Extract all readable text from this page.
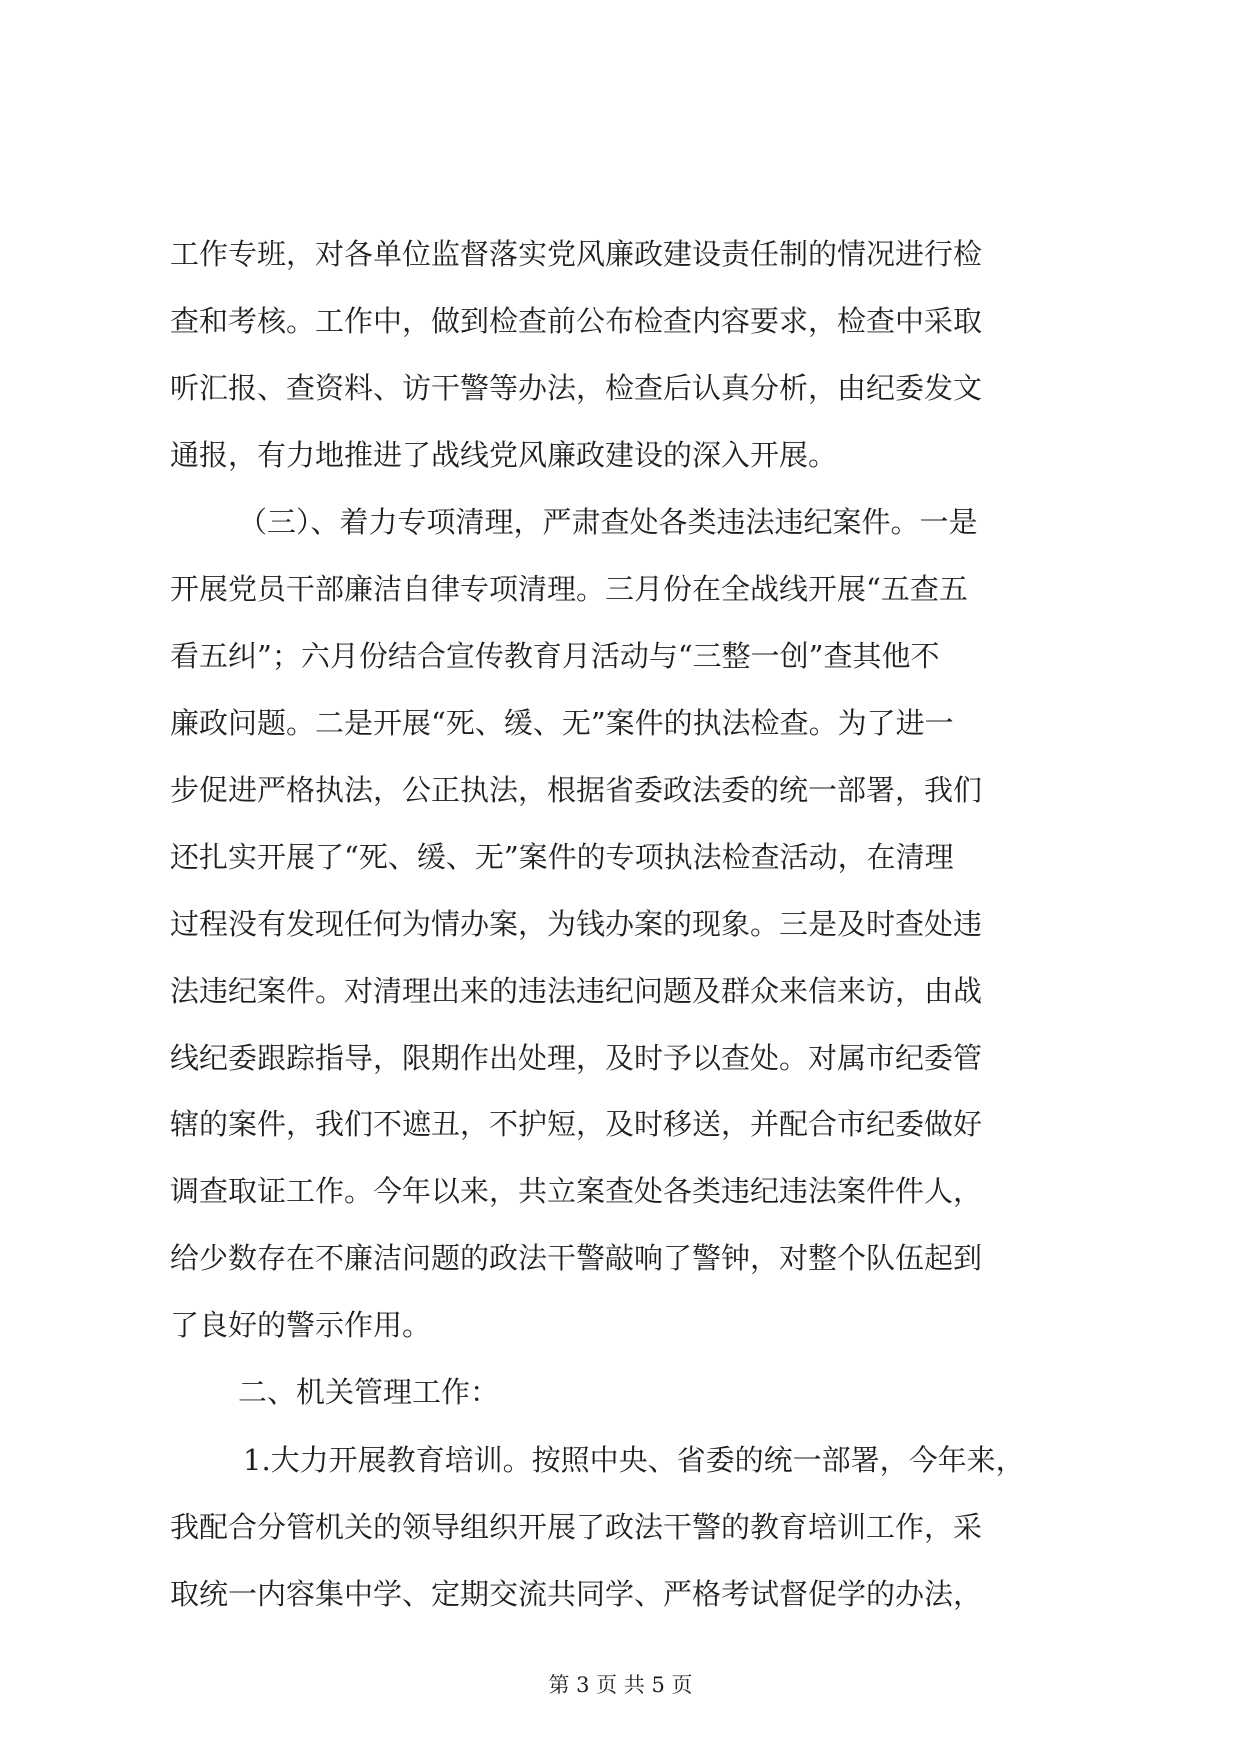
工作专班，对各单位监督落实党风廉政建设责任制的情况进行检
查和考核。工作中，做到检查前公布检查内容要求，检查中采取
听汇报、查资料、访干警等办法，检查后认真分析，由纪委发文
通报，有力地推进了战线党风廉政建设的深入开展。
（三）、着力专项清理，严肃查处各类违法违纪案件。一是
开展党员干部廉洁自律专项清理。三月份在全战线开展“五查五
看五纠”；六月份结合宣传教育月活动与“三整一创”查其他不
廉政问题。二是开展“死、缓、无”案件的执法检查。为了进一
步促进严格执法，公正执法，根据省委政法委的统一部署，我们
还扎实开展了“死、缓、无”案件的专项执法检查活动，在清理
过程没有发现任何为情办案，为钱办案的现象。三是及时查处违
法违纪案件。对清理出来的违法违纪问题及群众来信来访，由战
线纪委跟踪指导，限期作出处理，及时予以查处。对属市纪委管
辖的案件，我们不遮丑，不护短，及时移送，并配合市纪委做好
调查取证工作。今年以来，共立案查处各类违纪违法案件件人，
给少数存在不廉洁问题的政法干警敲响了警钟，对整个队伍起到
了良好的警示作用。
二、机关管理工作：
1.大力开展教育培训。按照中央、省委的统一部署，今年来，
我配合分管机关的领导组织开展了政法干警的教育培训工作，采
取统一内容集中学、定期交流共同学、严格考试督促学的办法，
第 3 页 共 5 页
